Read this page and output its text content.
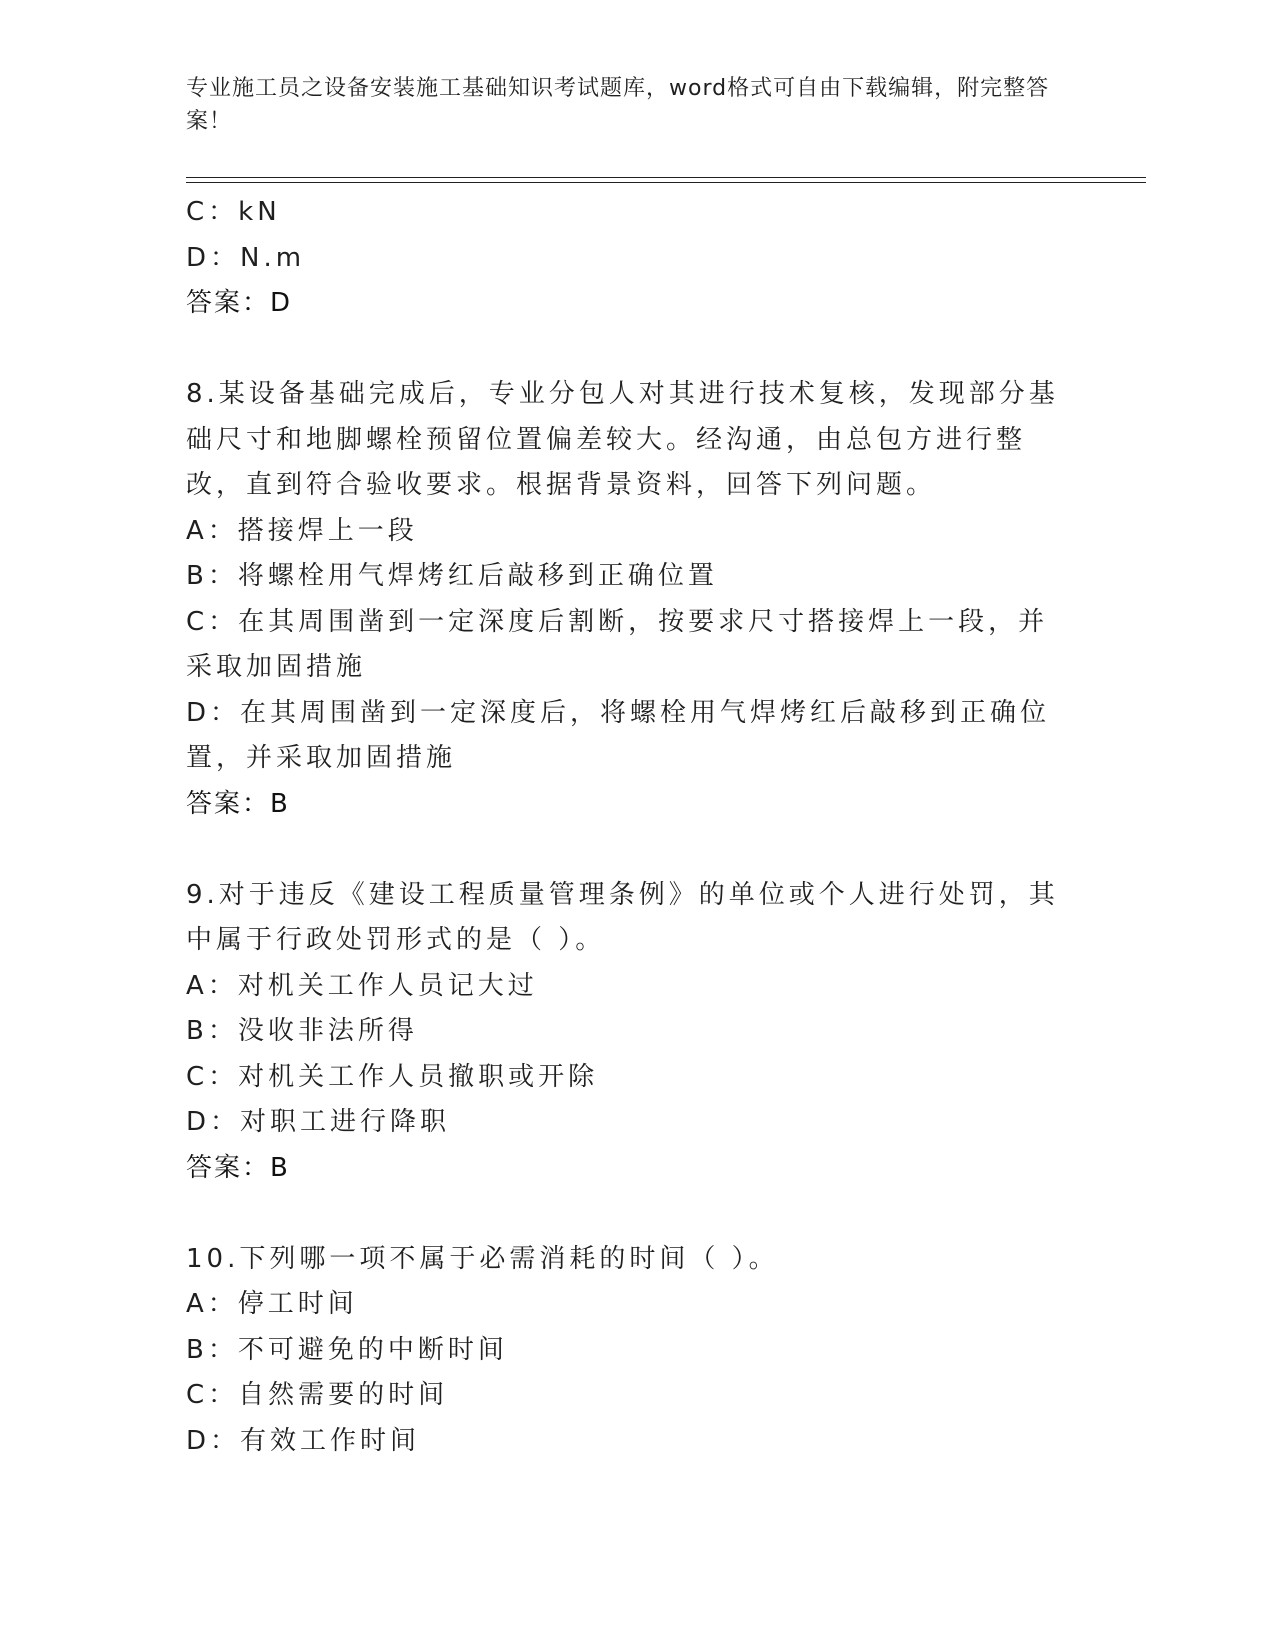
专业施工员之设备安装施工基础知识考试题库，word格式可自由下载编辑，附完整答案！
C：kN
D：N.m
答案：D
8.某设备基础完成后，专业分包人对其进行技术复核，发现部分基础尺寸和地脚螺栓预留位置偏差较大。经沟通，由总包方进行整改，直到符合验收要求。根据背景资料，回答下列问题。
A：搭接焊上一段
B：将螺栓用气焊烤红后敲移到正确位置
C：在其周围凿到一定深度后割断，按要求尺寸搭接焊上一段，并采取加固措施
D：在其周围凿到一定深度后，将螺栓用气焊烤红后敲移到正确位置，并采取加固措施
答案：B
9.对于违反《建设工程质量管理条例》的单位或个人进行处罚，其中属于行政处罚形式的是（ ）。
A：对机关工作人员记大过
B：没收非法所得
C：对机关工作人员撤职或开除
D：对职工进行降职
答案：B
10.下列哪一项不属于必需消耗的时间（ ）。
A：停工时间
B：不可避免的中断时间
C：自然需要的时间
D：有效工作时间
